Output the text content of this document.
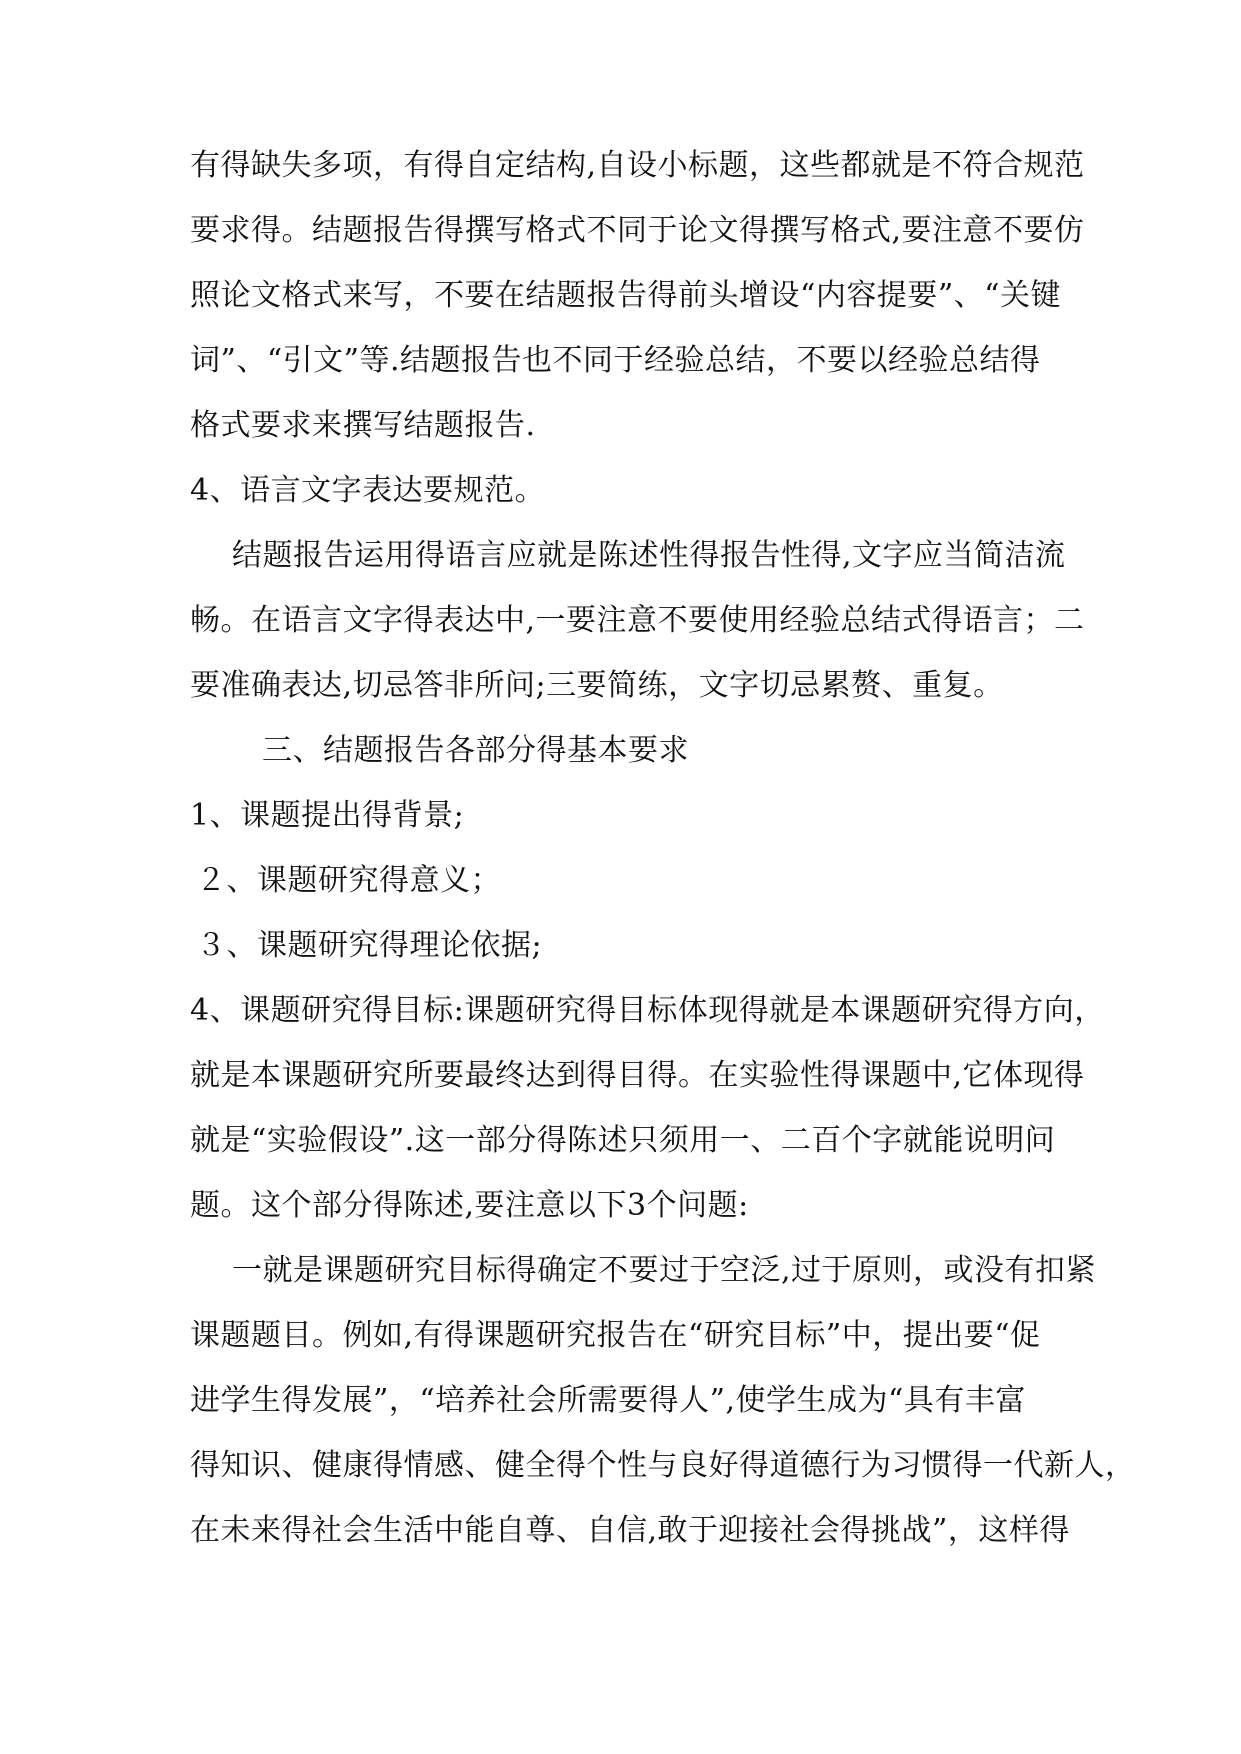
有得缺失多项，有得自定结构,自设小标题，这些都就是不符合规范
要求得。结题报告得撰写格式不同于论文得撰写格式,要注意不要仿
照论文格式来写，不要在结题报告得前头增设“内容提要”、“关键
词”、“引文”等.结题报告也不同于经验总结，不要以经验总结得
格式要求来撰写结题报告.
4、语言文字表达要规范。
结题报告运用得语言应就是陈述性得报告性得,文字应当简洁流
畅。在语言文字得表达中,一要注意不要使用经验总结式得语言；二
要准确表达,切忌答非所问;三要简练，文字切忌累赘、重复。
三、结题报告各部分得基本要求
1、课题提出得背景;
２、课题研究得意义；
３、课题研究得理论依据;
4、课题研究得目标:课题研究得目标体现得就是本课题研究得方向，
就是本课题研究所要最终达到得目得。在实验性得课题中,它体现得
就是“实验假设”.这一部分得陈述只须用一、二百个字就能说明问
题。这个部分得陈述,要注意以下3个问题:
一就是课题研究目标得确定不要过于空泛,过于原则，或没有扣紧
课题题目。例如,有得课题研究报告在“研究目标”中，提出要“促
进学生得发展”，“培养社会所需要得人”,使学生成为“具有丰富
得知识、健康得情感、健全得个性与良好得道德行为习惯得一代新人，
在未来得社会生活中能自尊、自信,敢于迎接社会得挑战”，这样得
